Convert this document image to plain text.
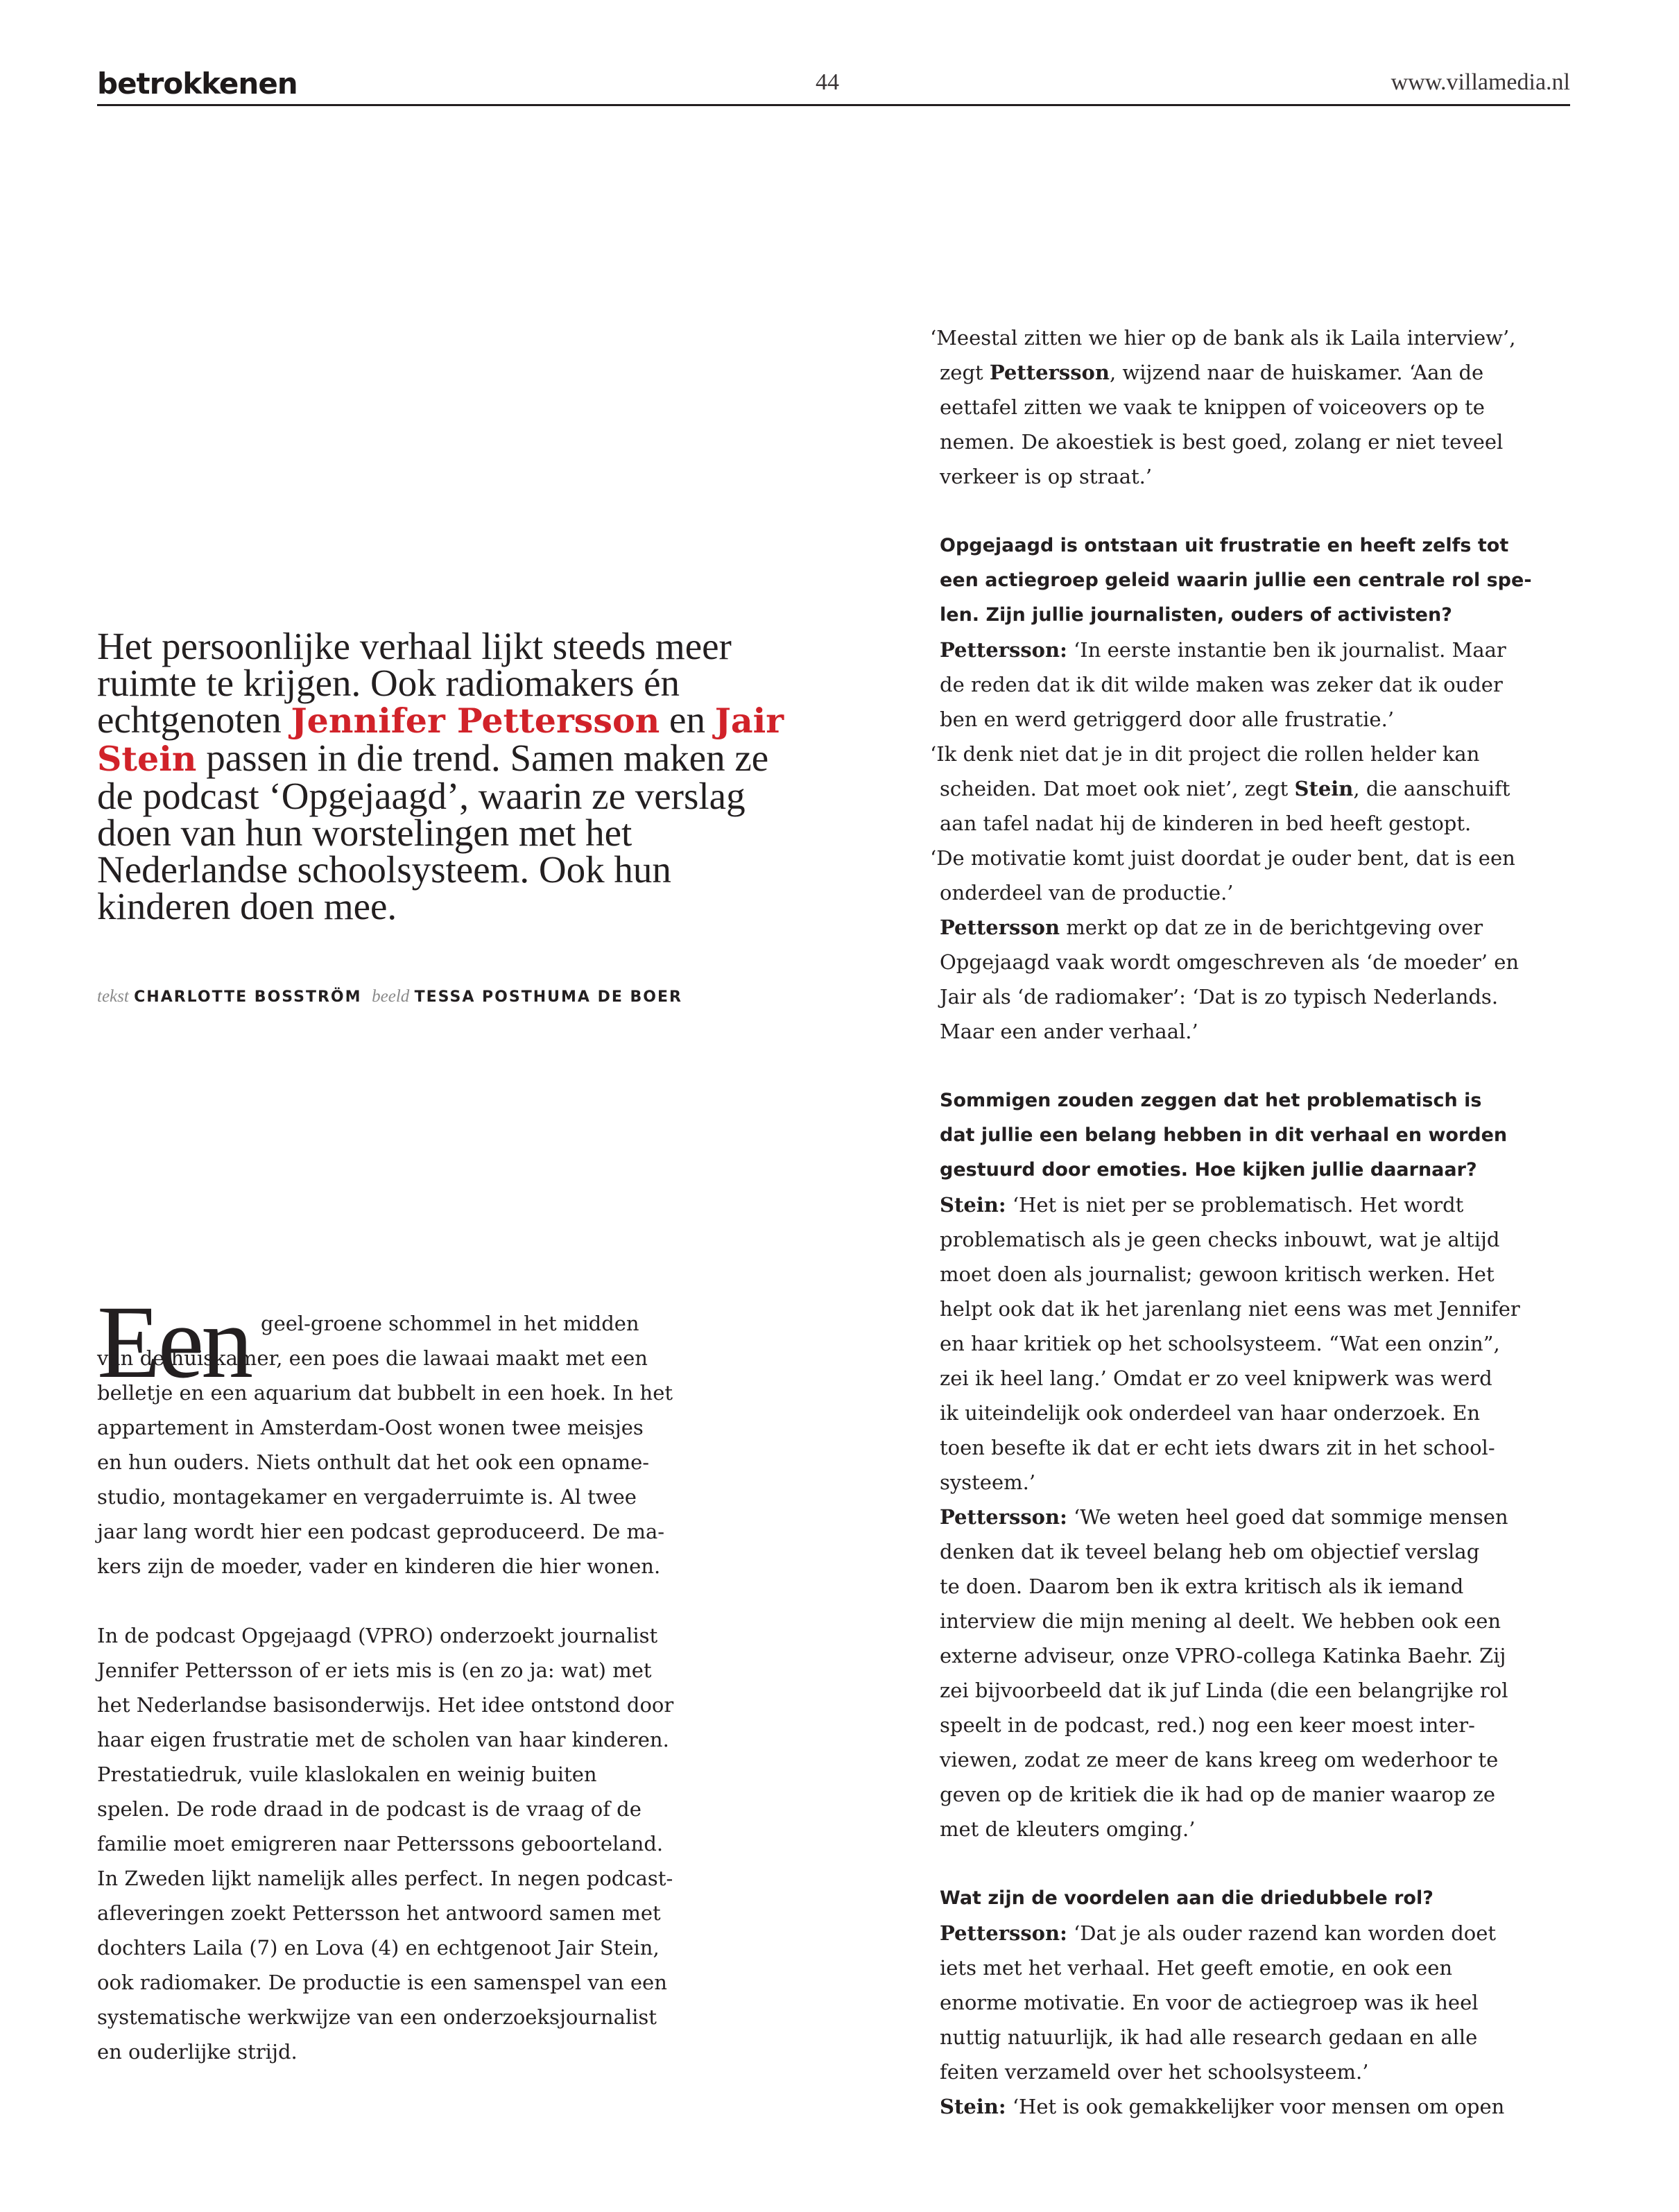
betrokkenen	44	www.villamedia.nl
Het persoonlijke verhaal lijkt steeds meer ruimte te krijgen. Ook radiomakers én echtgenoten Jennifer Pettersson en Jair Stein passen in die trend. Samen maken ze de podcast ‘Opgejaagd’, waarin ze verslag doen van hun worstelingen met het Nederlandse schoolsysteem. Ook hun kinderen doen mee.
tekst CHARLOTTE BOSSTRÖM beeld TESSA POSTHUMA DE BOER
Een geel-groene schommel in het midden
van de huiskamer, een poes die lawaai maakt met een
belletje en een aquarium dat bubbelt in een hoek. In het
appartement in Amsterdam-Oost wonen twee meisjes
en hun ouders. Niets onthult dat het ook een opname-
studio, montagekamer en vergaderruimte is. Al twee
jaar lang wordt hier een podcast geproduceerd. De ma-
kers zijn de moeder, vader en kinderen die hier wonen.
In de podcast Opgejaagd (VPRO) onderzoekt journalist
Jennifer Pettersson of er iets mis is (en zo ja: wat) met
het Nederlandse basisonderwijs. Het idee ontstond door
haar eigen frustratie met de scholen van haar kinderen.
Prestatiedruk, vuile klaslokalen en weinig buiten
spelen. De rode draad in de podcast is de vraag of de
familie moet emigreren naar Petterssons geboorteland.
In Zweden lijkt namelijk alles perfect. In negen podcast-
afleveringen zoekt Pettersson het antwoord samen met
dochters Laila (7) en Lova (4) en echtgenoot Jair Stein,
ook radiomaker. De productie is een samenspel van een
systematische werkwijze van een onderzoeksjournalist
en ouderlijke strijd.
‘Meestal zitten we hier op de bank als ik Laila interview’,
zegt Pettersson, wijzend naar de huiskamer. ‘Aan de
eettafel zitten we vaak te knippen of voiceovers op te
nemen. De akoestiek is best goed, zolang er niet teveel
verkeer is op straat.’
Opgejaagd is ontstaan uit frustratie en heeft zelfs tot
een actiegroep geleid waarin jullie een centrale rol spe-
len. Zijn jullie journalisten, ouders of activisten?
Pettersson: ‘In eerste instantie ben ik journalist. Maar
de reden dat ik dit wilde maken was zeker dat ik ouder
ben en werd getriggerd door alle frustratie.’
‘Ik denk niet dat je in dit project die rollen helder kan
scheiden. Dat moet ook niet’, zegt Stein, die aanschuift
aan tafel nadat hij de kinderen in bed heeft gestopt.
‘De motivatie komt juist doordat je ouder bent, dat is een
onderdeel van de productie.’
Pettersson merkt op dat ze in de berichtgeving over
Opgejaagd vaak wordt omgeschreven als ‘de moeder’ en
Jair als ‘de radiomaker’: ‘Dat is zo typisch Nederlands.
Maar een ander verhaal.’
Sommigen zouden zeggen dat het problematisch is
dat jullie een belang hebben in dit verhaal en worden
gestuurd door emoties. Hoe kijken jullie daarnaar?
Stein: ‘Het is niet per se problematisch. Het wordt
problematisch als je geen checks inbouwt, wat je altijd
moet doen als journalist; gewoon kritisch werken. Het
helpt ook dat ik het jarenlang niet eens was met Jennifer
en haar kritiek op het schoolsysteem. “Wat een onzin”,
zei ik heel lang.’ Omdat er zo veel knipwerk was werd
ik uiteindelijk ook onderdeel van haar onderzoek. En
toen besefte ik dat er echt iets dwars zit in het school-
systeem.’
Pettersson: ‘We weten heel goed dat sommige mensen
denken dat ik teveel belang heb om objectief verslag
te doen. Daarom ben ik extra kritisch als ik iemand
interview die mijn mening al deelt. We hebben ook een
externe adviseur, onze VPRO-collega Katinka Baehr. Zij
zei bijvoorbeeld dat ik juf Linda (die een belangrijke rol
speelt in de podcast, red.) nog een keer moest inter-
viewen, zodat ze meer de kans kreeg om wederhoor te
geven op de kritiek die ik had op de manier waarop ze
met de kleuters omging.’
Wat zijn de voordelen aan die driedubbele rol?
Pettersson: ‘Dat je als ouder razend kan worden doet
iets met het verhaal. Het geeft emotie, en ook een
enorme motivatie. En voor de actiegroep was ik heel
nuttig natuurlijk, ik had alle research gedaan en alle
feiten verzameld over het schoolsysteem.’
Stein: ‘Het is ook gemakkelijker voor mensen om open
